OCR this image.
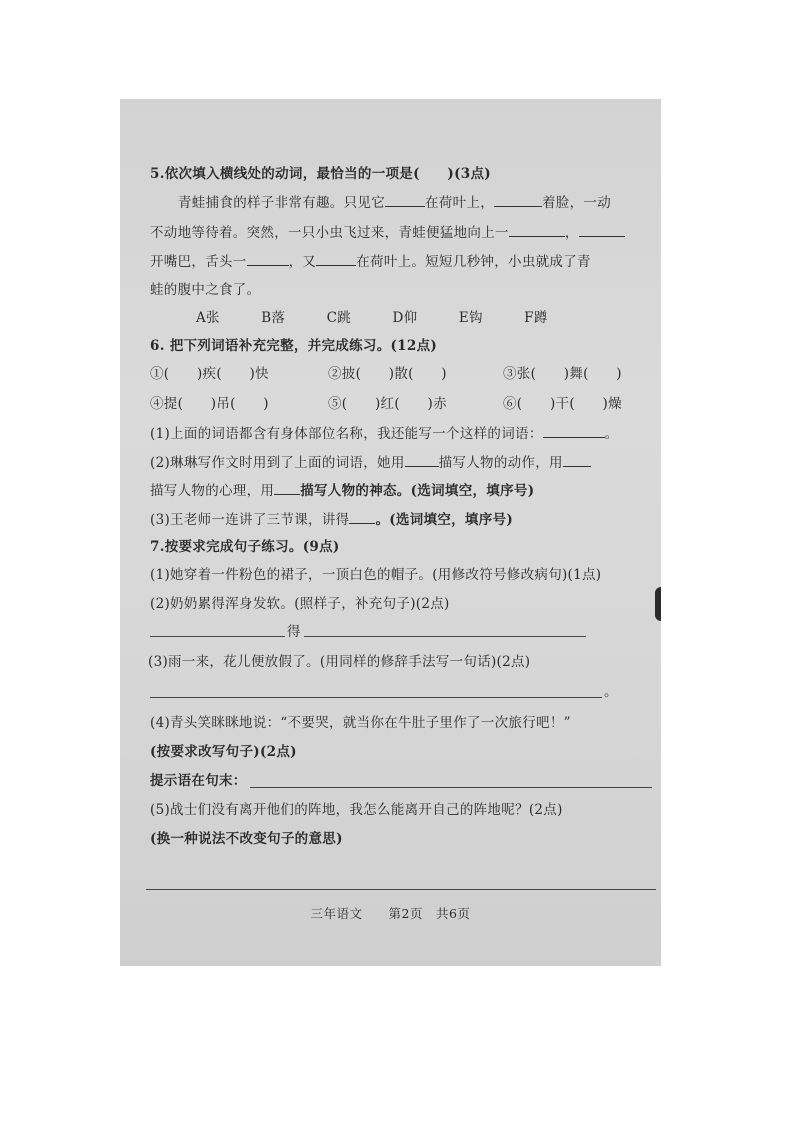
5.依次填入横线处的动词，最恰当的一项是(　　)(3点)
青蛙捕食的样子非常有趣。只见它	在荷叶上，	着脸，一动
不动地等待着。突然，一只小虫飞过来，青蛙便猛地向上一	，
开嘴巴，舌头一	，又	在荷叶上。短短几秒钟，小虫就成了青
蛙的腹中之食了。
A张　　　B落　　　C跳　　　D仰　　　E钩　　　F蹲
6. 把下列词语补充完整，并完成练习。(12点)
①(　　)疾(　　)快	②披(　　)散(　　)	③张(　　)舞(　　)
④提(　　)吊(　　)	⑤(　　)红(　　)赤	⑥(　　)干(　　)燥
(1)上面的词语都含有身体部位名称，我还能写一个这样的词语：	。
(2)琳琳写作文时用到了上面的词语，她用	描写人物的动作，用
描写人物的心理，用 描写人物的神态。(选词填空，填序号)
(3)王老师一连讲了三节课，讲得 。(选词填空，填序号)
7.按要求完成句子练习。(9点)
(1)她穿着一件粉色的裙子，一顶白色的帽子。(用修改符号修改病句)(1点)
(2)奶奶累得浑身发软。(照样子，补充句子)(2点)
得
(3)雨一来，花儿便放假了。(用同样的修辞手法写一句话)(2点)
。
(4)青头笑眯眯地说：“不要哭，就当你在牛肚子里作了一次旅行吧！”
(按要求改写句子)(2点)
提示语在句末：
(5)战士们没有离开他们的阵地，我怎么能离开自己的阵地呢？(2点)
(换一种说法不改变句子的意思)
三年语文　　第2页　共6页
